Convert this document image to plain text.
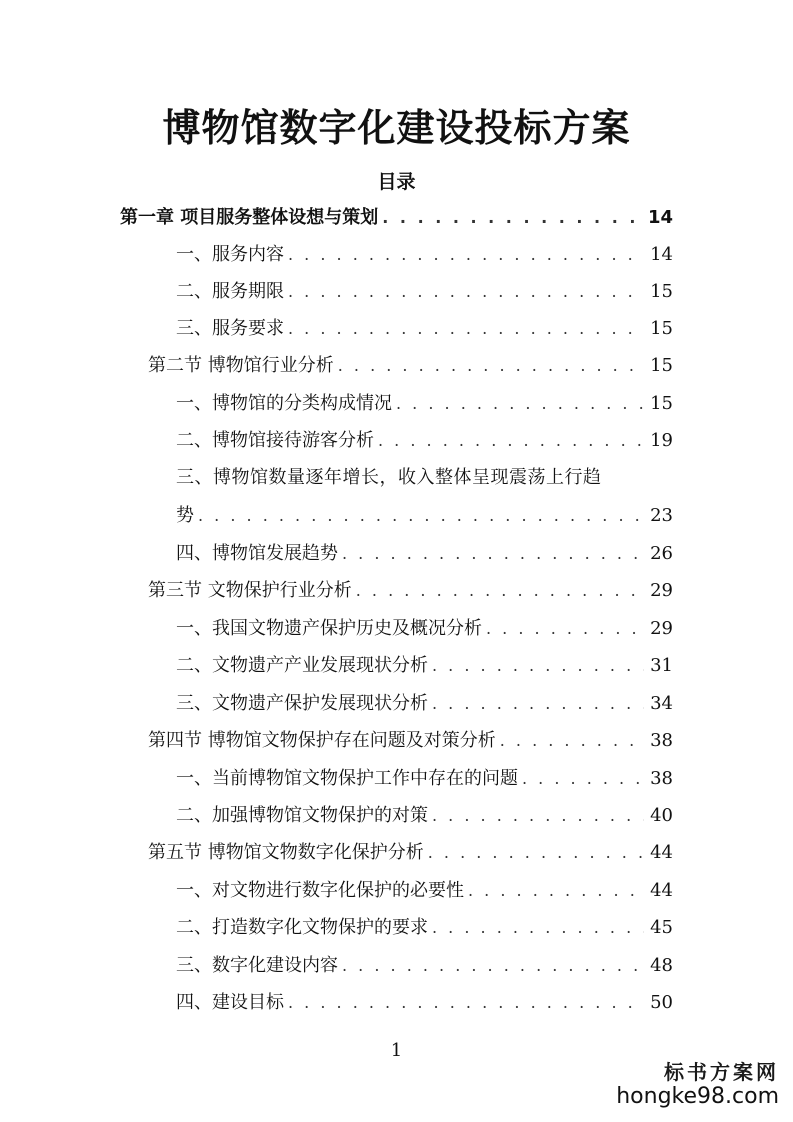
博物馆数字化建设投标方案
目录
第一章 项目服务整体设想与策划 . . .	14
一、服务内容 . . .	14
二、服务期限 . . .	15
三、服务要求 . . .	15
第二节 博物馆行业分析 . . .	15
一、博物馆的分类构成情况 . . .	15
二、博物馆接待游客分析 . . .	19
三、博物馆数量逐年增长，收入整体呈现震荡上行趋
势 . . .	23
四、博物馆发展趋势 . . .	26
第三节 文物保护行业分析 . . .	29
一、我国文物遗产保护历史及概况分析 . . .	29
二、文物遗产产业发展现状分析 . . .	31
三、文物遗产保护发展现状分析 . . .	34
第四节 博物馆文物保护存在问题及对策分析 . . .	38
一、当前博物馆文物保护工作中存在的问题 . . .	38
二、加强博物馆文物保护的对策 . . .	40
第五节 博物馆文物数字化保护分析 . . .	44
一、对文物进行数字化保护的必要性 . . .	44
二、打造数字化文物保护的要求 . . .	45
三、数字化建设内容 . . .	48
四、建设目标 . . .	50

1

标书方案网
hongke98.com
